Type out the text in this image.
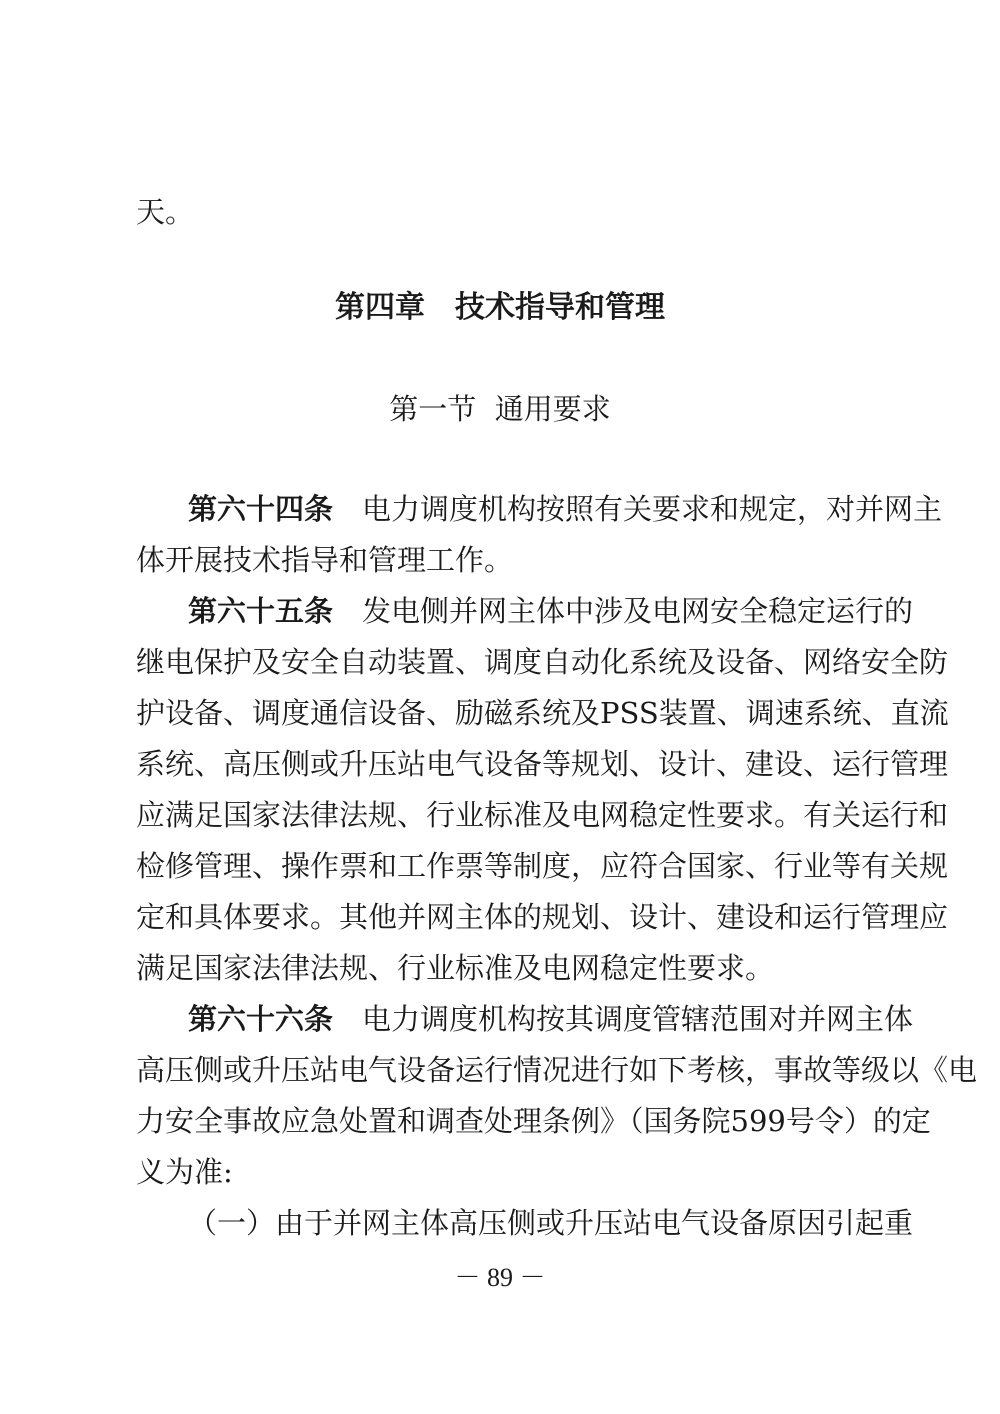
天。
第四章　技术指导和管理
第一节  通用要求
第六十四条　电力调度机构按照有关要求和规定，对并网主
体开展技术指导和管理工作。
第六十五条　发电侧并网主体中涉及电网安全稳定运行的
继电保护及安全自动装置、调度自动化系统及设备、网络安全防
护设备、调度通信设备、励磁系统及PSS装置、调速系统、直流
系统、高压侧或升压站电气设备等规划、设计、建设、运行管理
应满足国家法律法规、行业标准及电网稳定性要求。有关运行和
检修管理、操作票和工作票等制度，应符合国家、行业等有关规
定和具体要求。其他并网主体的规划、设计、建设和运行管理应
满足国家法律法规、行业标准及电网稳定性要求。
第六十六条　电力调度机构按其调度管辖范围对并网主体
高压侧或升压站电气设备运行情况进行如下考核，事故等级以《电
力安全事故应急处置和调查处理条例》（国务院599号令）的定
义为准:
（一）由于并网主体高压侧或升压站电气设备原因引起重
－ 89 －
